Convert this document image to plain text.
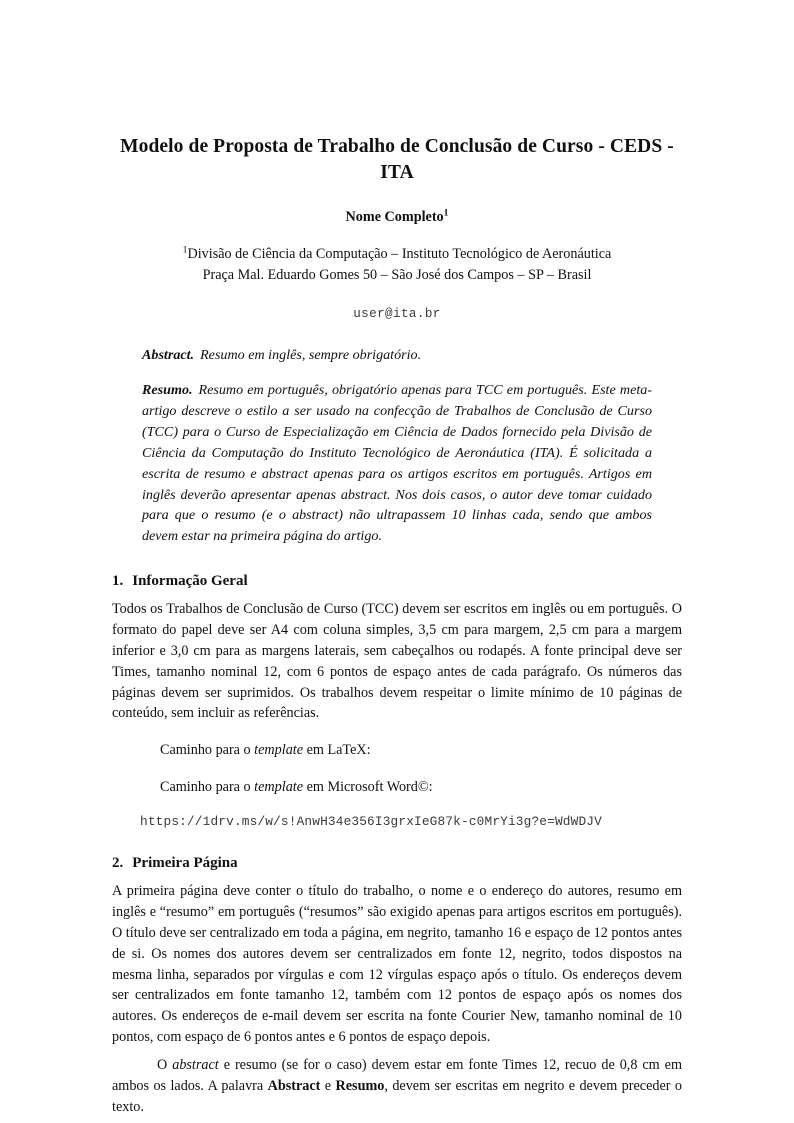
Modelo de Proposta de Trabalho de Conclusão de Curso - CEDS - ITA

Nome Completo$^1$

$^1$Divisão de Ciência da Computação – Instituto Tecnológico de Aeronáutica
Praça Mal. Eduardo Gomes 50 – São José dos Campos – SP – Brasil

user@ita.br

Abstract. Resumo em inglês, sempre obrigatório.
Resumo. Resumo em português, obrigatório apenas para TCC em português. Este meta-artigo descreve o estilo a ser usado na confecção de Trabalhos de Conclusão de Curso (TCC) para o Curso de Especialização em Ciência de Dados fornecido pela Divisão de Ciência da Computação do Instituto Tecnológico de Aeronáutica (ITA). É solicitada a escrita de resumo e abstract apenas para os artigos escritos em português. Artigos em inglês deverão apresentar apenas abstract. Nos dois casos, o autor deve tomar cuidado para que o resumo (e o abstract) não ultrapassem 10 linhas cada, sendo que ambos devem estar na primeira página do artigo.
1. Informação Geral

Todos os Trabalhos de Conclusão de Curso (TCC) devem ser escritos em inglês ou em português. O formato do papel deve ser A4 com coluna simples, 3,5 cm para margem, 2,5 cm para a margem inferior e 3,0 cm para as margens laterais, sem cabeçalhos ou rodapés. A fonte principal deve ser Times, tamanho nominal 12, com 6 pontos de espaço antes de cada parágrafo. Os números das páginas devem ser suprimidos. Os trabalhos devem respeitar o limite mínimo de 10 páginas de conteúdo, sem incluir as referências.

Caminho para o template em LaTeX:

Caminho para o template em Microsoft Word©:

https://1drv.ms/w/s!AnwH34e356I3grxIeG87k-c0MrYi3g?e=WdWDJV

2. Primeira Página

A primeira página deve conter o título do trabalho, o nome e o endereço do autores, resumo em inglês e “resumo” em português (“resumos” são exigido apenas para artigos escritos em português). O título deve ser centralizado em toda a página, em negrito, tamanho 16 e espaço de 12 pontos antes de si. Os nomes dos autores devem ser centralizados em fonte 12, negrito, todos dispostos na mesma linha, separados por vírgulas e com 12 vírgulas espaço após o título. Os endereços devem ser centralizados em fonte tamanho 12, também com 12 pontos de espaço após os nomes dos autores. Os endereços de e-mail devem ser escrita na fonte Courier New, tamanho nominal de 10 pontos, com espaço de 6 pontos antes e 6 pontos de espaço depois.

O abstract e resumo (se for o caso) devem estar em fonte Times 12, recuo de 0,8 cm em ambos os lados. A palavra Abstract e Resumo, devem ser escritas em negrito e devem preceder o texto.
